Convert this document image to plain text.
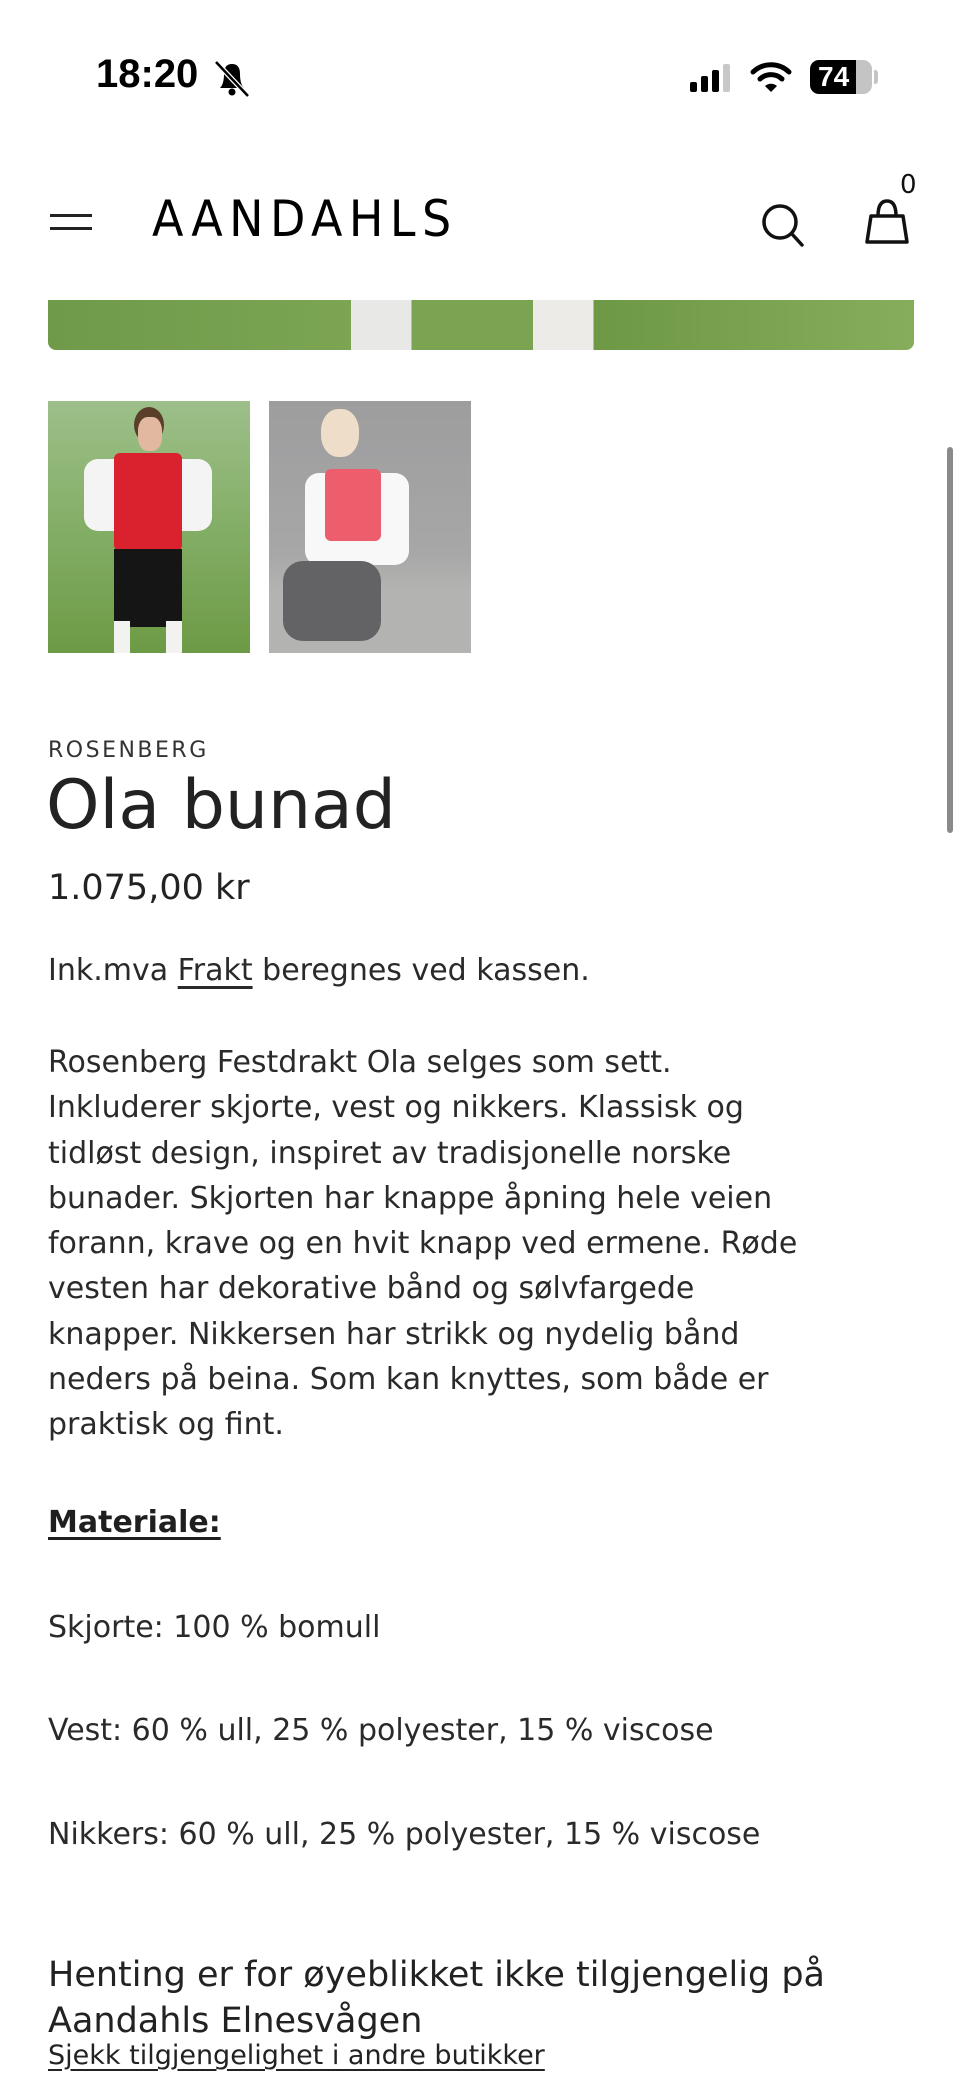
18:20	74
AANDAHLS
0
ROSENBERG
Ola bunad
1.075,00 kr
Ink.mva Frakt beregnes ved kassen.
Rosenberg Festdrakt Ola selges som sett.
Inkluderer skjorte, vest og nikkers. Klassisk og
tidløst design, inspiret av tradisjonelle norske
bunader. Skjorten har knappe åpning hele veien
forann, krave og en hvit knapp ved ermene. Røde
vesten har dekorative bånd og sølvfargede
knapper. Nikkersen har strikk og nydelig bånd
neders på beina. Som kan knyttes, som både er
praktisk og fint.
Materiale:
Skjorte: 100 % bomull
Vest: 60 % ull, 25 % polyester, 15 % viscose
Nikkers: 60 % ull, 25 % polyester, 15 % viscose
Henting er for øyeblikket ikke tilgjengelig på
Aandahls Elnesvågen
Sjekk tilgjengelighet i andre butikker
